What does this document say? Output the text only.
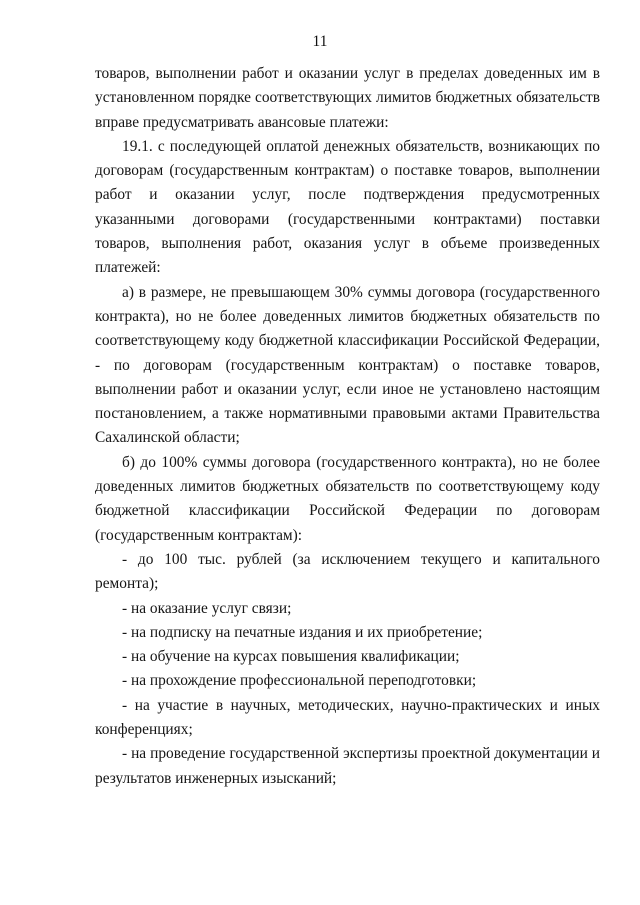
11

товаров, выполнении работ и оказании услуг в пределах доведенных им в установленном порядке соответствующих лимитов бюджетных обязательств вправе предусматривать авансовые платежи:

19.1. с последующей оплатой денежных обязательств, возникающих по договорам (государственным контрактам) о поставке товаров, выполнении работ и оказании услуг, после подтверждения предусмотренных указанными договорами (государственными контрактами) поставки товаров, выполнения работ, оказания услуг в объеме произведенных платежей:

а) в размере, не превышающем 30% суммы договора (государственного контракта), но не более доведенных лимитов бюджетных обязательств по соответствующему коду бюджетной классификации Российской Федерации, - по договорам (государственным контрактам) о поставке товаров, выполнении работ и оказании услуг, если иное не установлено настоящим постановлением, а также нормативными правовыми актами Правительства Сахалинской области;

б) до 100% суммы договора (государственного контракта), но не более доведенных лимитов бюджетных обязательств по соответствующему коду бюджетной классификации Российской Федерации по договорам (государственным контрактам):

- до 100 тыс. рублей (за исключением текущего и капитального ремонта);

- на оказание услуг связи;

- на подписку на печатные издания и их приобретение;

- на обучение на курсах повышения квалификации;

- на прохождение профессиональной переподготовки;

- на участие в научных, методических, научно-практических и иных конференциях;

- на проведение государственной экспертизы проектной документации и результатов инженерных изысканий;
